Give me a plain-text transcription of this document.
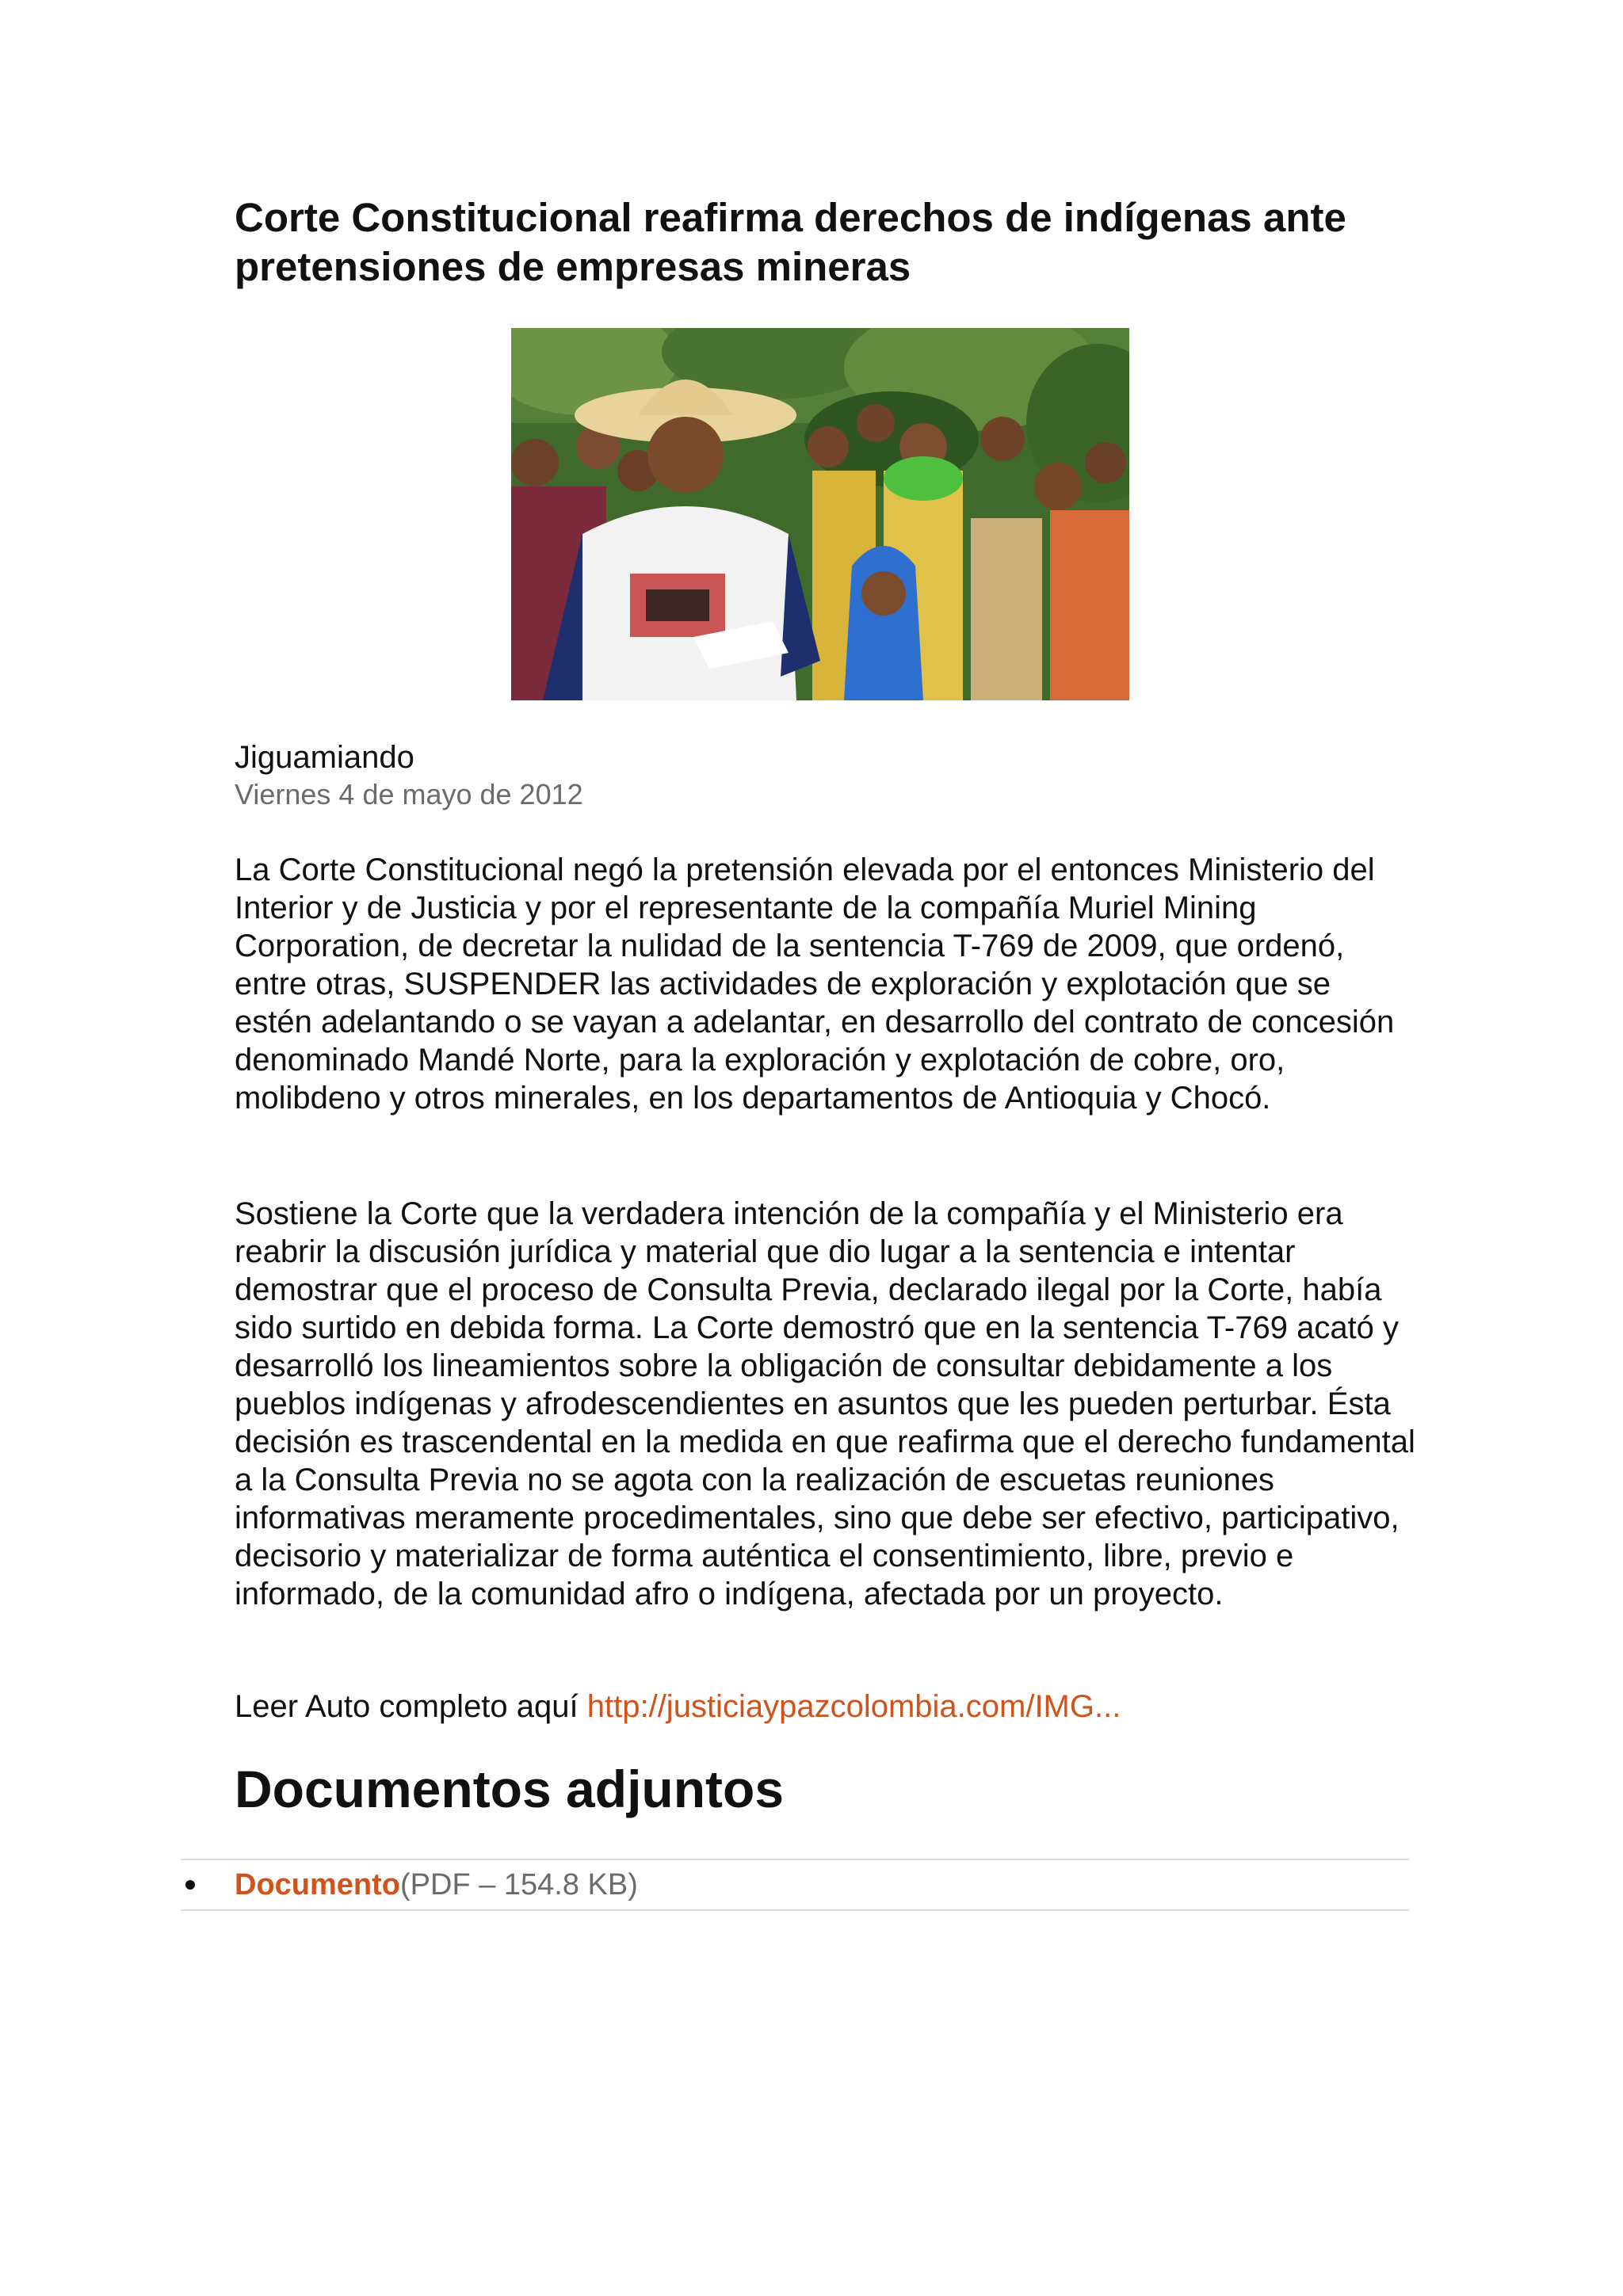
Corte Constitucional reafirma derechos de indígenas ante pretensiones de empresas mineras
Jiguamiando
Viernes 4 de mayo de 2012

La Corte Constitucional negó la pretensión elevada por el entonces Ministerio del Interior y de Justicia y por el representante de la compañía Muriel Mining Corporation, de decretar la nulidad de la sentencia T-769 de 2009, que ordenó, entre otras, SUSPENDER las actividades de exploración y explotación que se estén adelantando o se vayan a adelantar, en desarrollo del contrato de concesión denominado Mandé Norte, para la exploración y explotación de cobre, oro, molibdeno y otros minerales, en los departamentos de Antioquia y Chocó.

Sostiene la Corte que la verdadera intención de la compañía y el Ministerio era reabrir la discusión jurídica y material que dio lugar a la sentencia e intentar demostrar que el proceso de Consulta Previa, declarado ilegal por la Corte, había sido surtido en debida forma. La Corte demostró que en la sentencia T-769 acató y desarrolló los lineamientos sobre la obligación de consultar debidamente a los pueblos indígenas y afrodescendientes en asuntos que les pueden perturbar. Ésta decisión es trascendental en la medida en que reafirma que el derecho fundamental a la Consulta Previa no se agota con la realización de escuetas reuniones informativas meramente procedimentales, sino que debe ser efectivo, participativo, decisorio y materializar de forma auténtica el consentimiento, libre, previo e informado, de la comunidad afro o indígena, afectada por un proyecto.

Leer Auto completo aquí http://justiciaypazcolombia.com/IMG...
Documentos adjuntos
Documento (PDF – 154.8 KB)
